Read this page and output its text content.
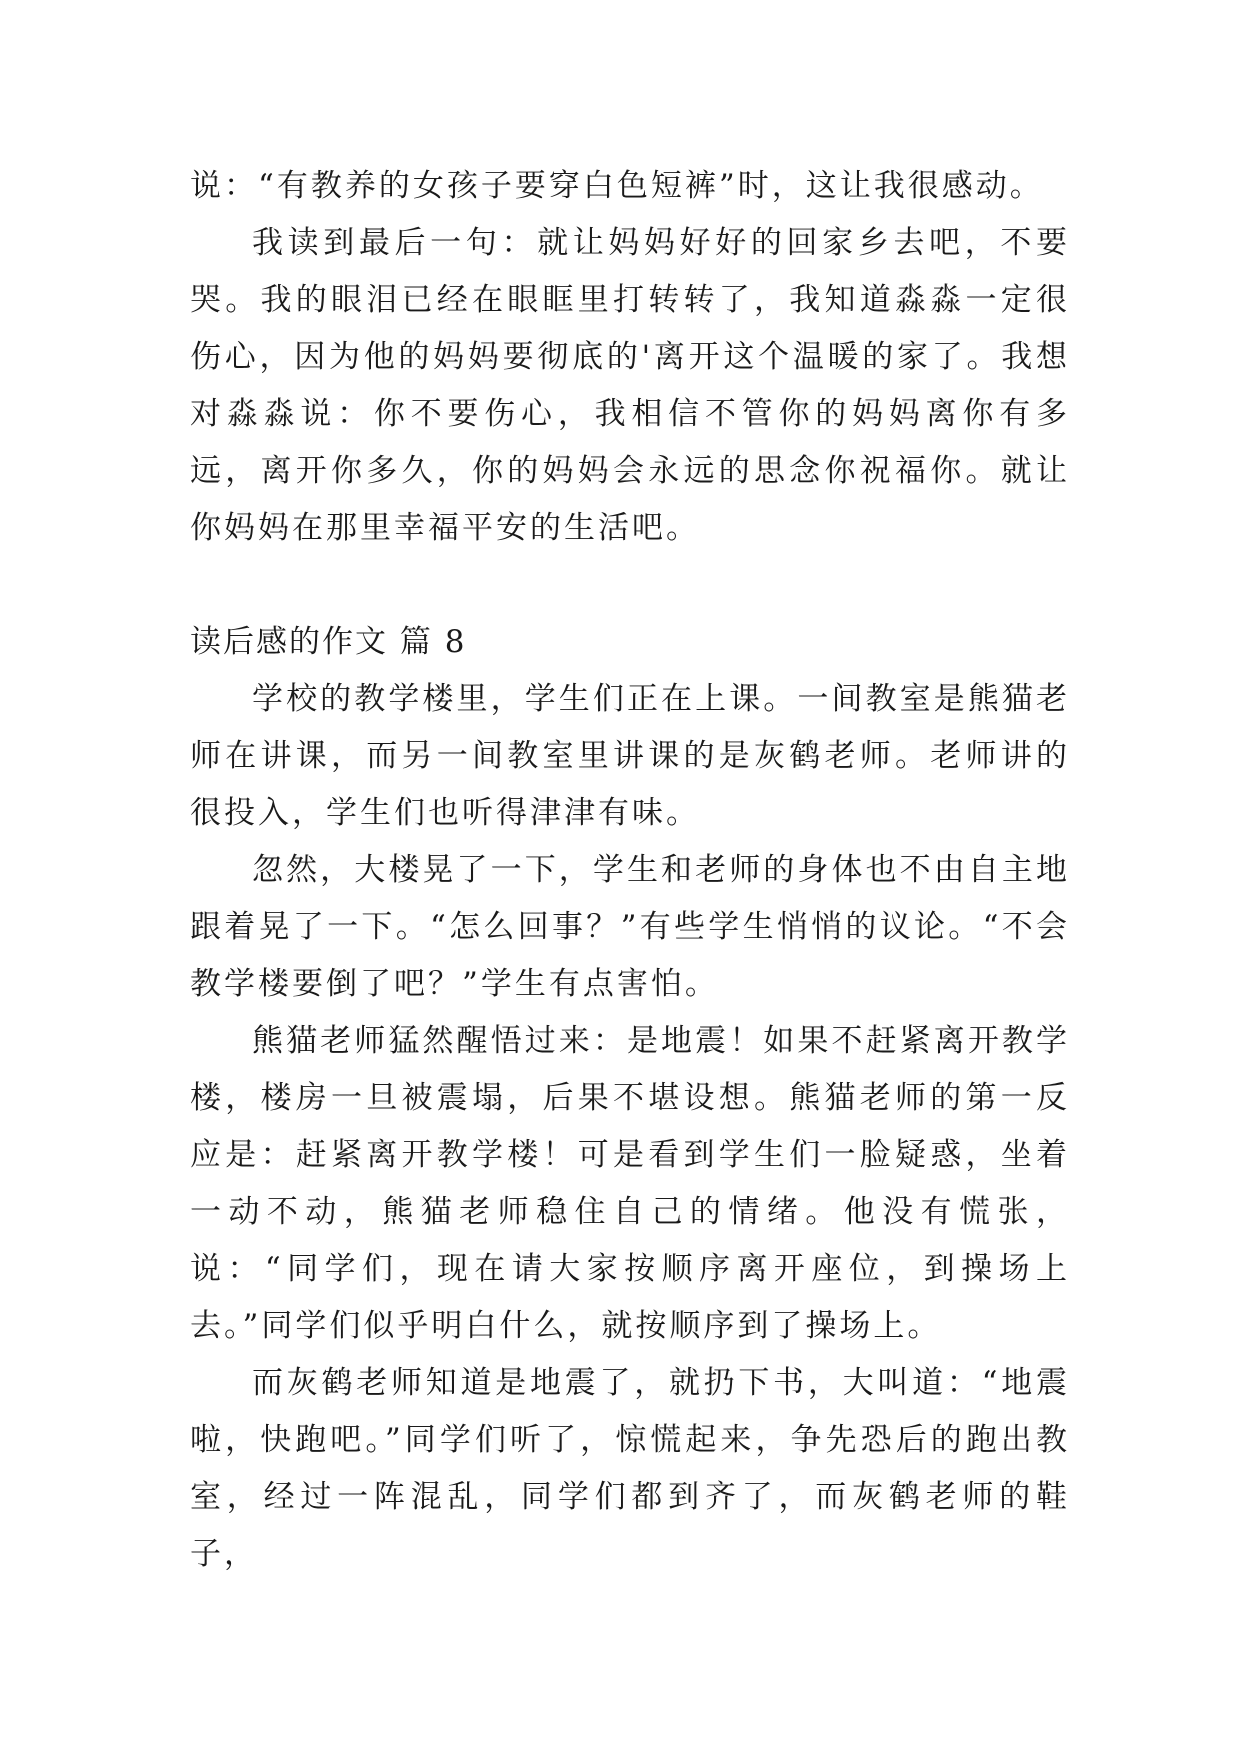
说：“有教养的女孩子要穿白色短裤”时，这让我很感动。

我读到最后一句：就让妈妈好好的回家乡去吧，不要哭。我的眼泪已经在眼眶里打转转了，我知道淼淼一定很伤心，因为他的妈妈要彻底的'离开这个温暖的家了。我想对淼淼说：你不要伤心，我相信不管你的妈妈离你有多远，离开你多久，你的妈妈会永远的思念你祝福你。就让你妈妈在那里幸福平安的生活吧。

读后感的作文 篇 8

学校的教学楼里，学生们正在上课。一间教室是熊猫老师在讲课，而另一间教室里讲课的是灰鹤老师。老师讲的很投入，学生们也听得津津有味。

忽然，大楼晃了一下，学生和老师的身体也不由自主地跟着晃了一下。“怎么回事？”有些学生悄悄的议论。“不会教学楼要倒了吧？”学生有点害怕。

熊猫老师猛然醒悟过来：是地震！如果不赶紧离开教学楼，楼房一旦被震塌，后果不堪设想。熊猫老师的第一反应是：赶紧离开教学楼！可是看到学生们一脸疑惑，坐着一动不动，熊猫老师稳住自己的情绪。他没有慌张，说：“同学们，现在请大家按顺序离开座位，到操场上去。”同学们似乎明白什么，就按顺序到了操场上。

而灰鹤老师知道是地震了，就扔下书，大叫道：“地震啦，快跑吧。”同学们听了，惊慌起来，争先恐后的跑出教室，经过一阵混乱，同学们都到齐了，而灰鹤老师的鞋子，
